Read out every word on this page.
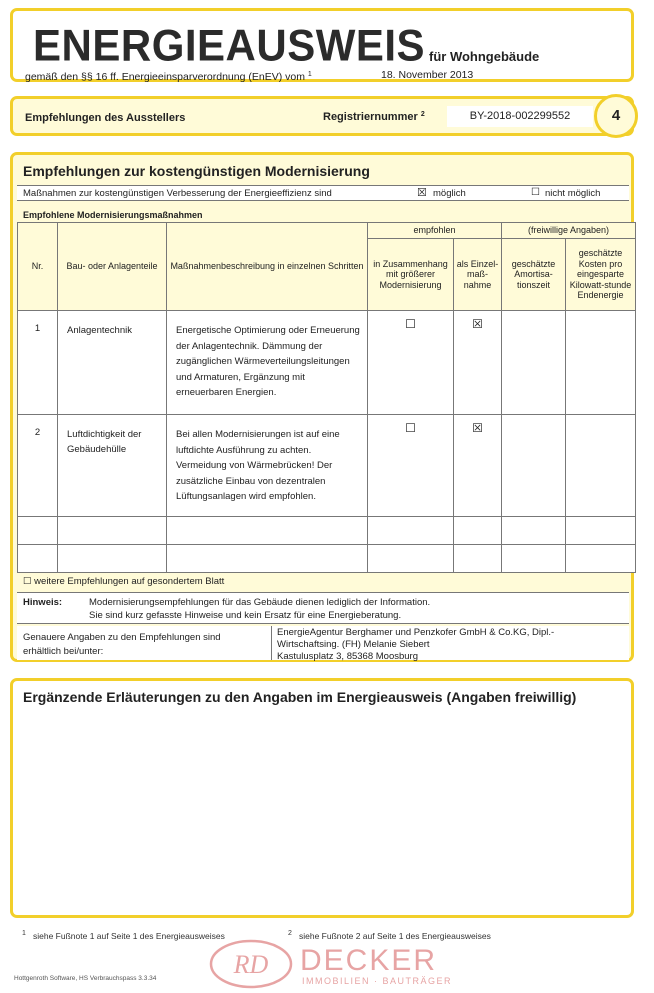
ENERGIEAUSWEIS für Wohngebäude
gemäß den §§ 16 ff. Energieeinsparverordnung (EnEV) vom $^1$	18. November 2013
Empfehlungen des Ausstellers	Registriernummer $^2$	BY-2018-002299552	4
Empfehlungen zur kostengünstigen Modernisierung
Maßnahmen zur kostengünstigen Verbesserung der Energieeffizienz sind	☒ möglich	☐ nicht möglich
Empfohlene Modernisierungsmaßnahmen
Nr.	Bau- oder Anlagenteile	Maßnahmenbeschreibung in einzelnen Schritten	empfohlen		(freiwillige Angaben)	
			in Zusammenhang mit größerer Modernisierung	als Einzel-maß-nahme	geschätzte Amortisa-tionszeit	geschätzte Kosten pro eingesparte Kilowatt-stunde Endenergie
1	Anlagentechnik	Energetische Optimierung oder Erneuerung der Anlagentechnik. Dämmung der zugänglichen Wärmeverteilungsleitungen und Armaturen, Ergänzung mit erneuerbaren Energien.	☐	☒		
2	Luftdichtigkeit der Gebäudehülle	Bei allen Modernisierungen ist auf eine luftdichte Ausführung zu achten. Vermeidung von Wärmebrücken! Der zusätzliche Einbau von dezentralen Lüftungsanlagen wird empfohlen.	☐	☒		

☐ weitere Empfehlungen auf gesondertem Blatt
Hinweis:	Modernisierungsempfehlungen für das Gebäude dienen lediglich der Information.
Sie sind kurz gefasste Hinweise und kein Ersatz für eine Energieberatung.
Genauere Angaben zu den Empfehlungen sind
erhältlich bei/unter:
EnergieAgentur Berghamer und Penzkofer GmbH & Co.KG, Dipl.-
Wirtschaftsing. (FH) Melanie Siebert
Kastulusplatz 3, 85368 Moosburg
Ergänzende Erläuterungen zu den Angaben im Energieausweis (Angaben freiwillig)
$^1$ siehe Fußnote 1 auf Seite 1 des Energieausweises	$^2$ siehe Fußnote 2 auf Seite 1 des Energieausweises
Hottgenroth Software, HS Verbrauchspass 3.3.34	RD DECKER
IMMOBILIEN · BAUTRÄGER
